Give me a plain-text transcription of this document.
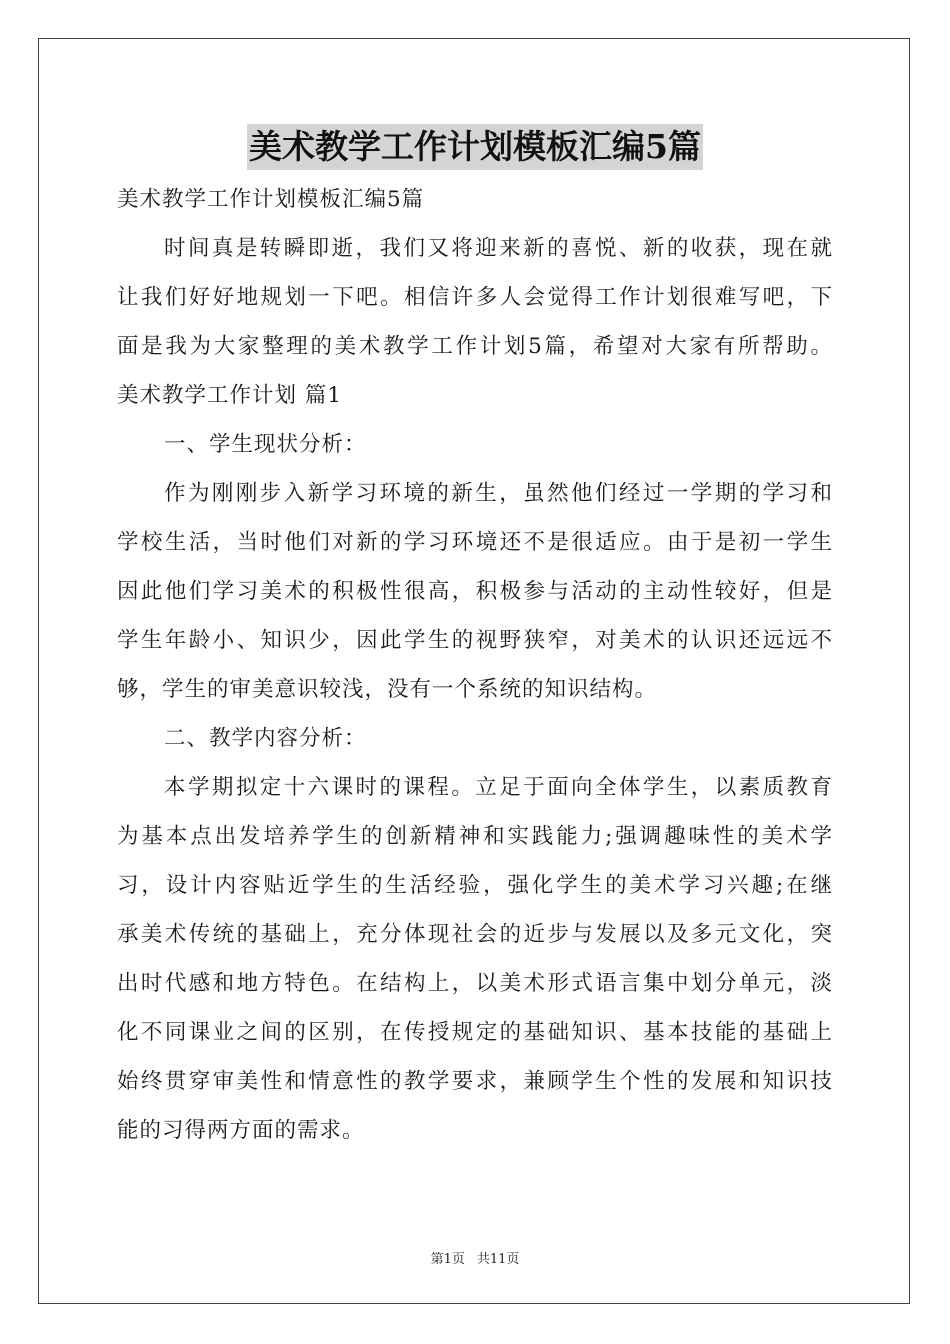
美术教学工作计划模板汇编5篇
美术教学工作计划模板汇编5篇
时间真是转瞬即逝，我们又将迎来新的喜悦、新的收获，现在就
让我们好好地规划一下吧。相信许多人会觉得工作计划很难写吧，下
面是我为大家整理的美术教学工作计划5篇，希望对大家有所帮助。
美术教学工作计划 篇1
一、学生现状分析：
作为刚刚步入新学习环境的新生，虽然他们经过一学期的学习和
学校生活，当时他们对新的学习环境还不是很适应。由于是初一学生
因此他们学习美术的积极性很高，积极参与活动的主动性较好，但是
学生年龄小、知识少，因此学生的视野狭窄，对美术的认识还远远不
够，学生的审美意识较浅，没有一个系统的知识结构。
二、教学内容分析：
本学期拟定十六课时的课程。立足于面向全体学生，以素质教育
为基本点出发培养学生的创新精神和实践能力;强调趣味性的美术学
习，设计内容贴近学生的生活经验，强化学生的美术学习兴趣;在继
承美术传统的基础上，充分体现社会的近步与发展以及多元文化，突
出时代感和地方特色。在结构上，以美术形式语言集中划分单元，淡
化不同课业之间的区别，在传授规定的基础知识、基本技能的基础上
始终贯穿审美性和情意性的教学要求，兼顾学生个性的发展和知识技
能的习得两方面的需求。
第1页 共11页
